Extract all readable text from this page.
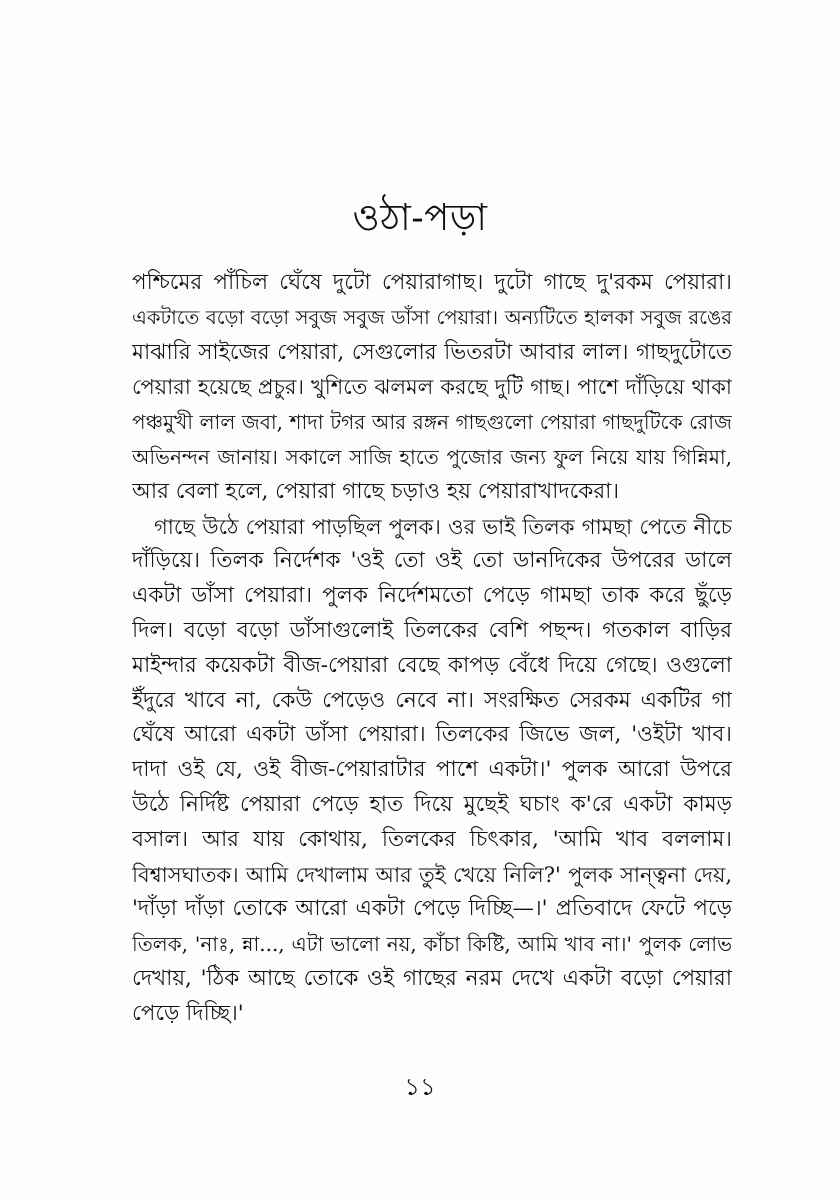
ওঠা-পড়া
পশ্চিমের পাঁচিল ঘেঁষে দুটো পেয়ারাগাছ। দুটো গাছে দু'রকম পেয়ারা।
একটাতে বড়ো বড়ো সবুজ সবুজ ডাঁসা পেয়ারা। অন্যটিতে হালকা সবুজ রঙের
মাঝারি সাইজের পেয়ারা, সেগুলোর ভিতরটা আবার লাল। গাছদুটোতে
পেয়ারা হয়েছে প্রচুর। খুশিতে ঝলমল করছে দুটি গাছ। পাশে দাঁড়িয়ে থাকা
পঞ্চমুখী লাল জবা, শাদা টগর আর রঙ্গন গাছগুলো পেয়ারা গাছদুটিকে রোজ
অভিনন্দন জানায়। সকালে সাজি হাতে পুজোর জন্য ফুল নিয়ে যায় গিন্নিমা,
আর বেলা হলে, পেয়ারা গাছে চড়াও হয় পেয়ারাখাদকেরা।
গাছে উঠে পেয়ারা পাড়ছিল পুলক। ওর ভাই তিলক গামছা পেতে নীচে
দাঁড়িয়ে। তিলক নির্দেশক 'ওই তো ওই তো ডানদিকের উপরের ডালে
একটা ডাঁসা পেয়ারা। পুলক নির্দেশমতো পেড়ে গামছা তাক করে ছুঁড়ে
দিল। বড়ো বড়ো ডাঁসাগুলোই তিলকের বেশি পছন্দ। গতকাল বাড়ির
মাইন্দার কয়েকটা বীজ-পেয়ারা বেছে কাপড় বেঁধে দিয়ে গেছে। ওগুলো
ইঁদুরে খাবে না, কেউ পেড়েও নেবে না। সংরক্ষিত সেরকম একটির গা
ঘেঁষে আরো একটা ডাঁসা পেয়ারা। তিলকের জিভে জল, 'ওইটা খাব।
দাদা ওই যে, ওই বীজ-পেয়ারাটার পাশে একটা।' পুলক আরো উপরে
উঠে নির্দিষ্ট পেয়ারা পেড়ে হাত দিয়ে মুছেই ঘচাং ক'রে একটা কামড়
বসাল। আর যায় কোথায়, তিলকের চিৎকার, 'আমি খাব বললাম।
বিশ্বাসঘাতক। আমি দেখালাম আর তুই খেয়ে নিলি?' পুলক সান্ত্বনা দেয়,
'দাঁড়া দাঁড়া তোকে আরো একটা পেড়ে দিচ্ছি—।' প্রতিবাদে ফেটে পড়ে
তিলক, 'নাঃ, ন্না..., এটা ভালো নয়, কাঁচা কিষ্টি, আমি খাব না।' পুলক লোভ
দেখায়, 'ঠিক আছে তোকে ওই গাছের নরম দেখে একটা বড়ো পেয়ারা
পেড়ে দিচ্ছি।'
১১
